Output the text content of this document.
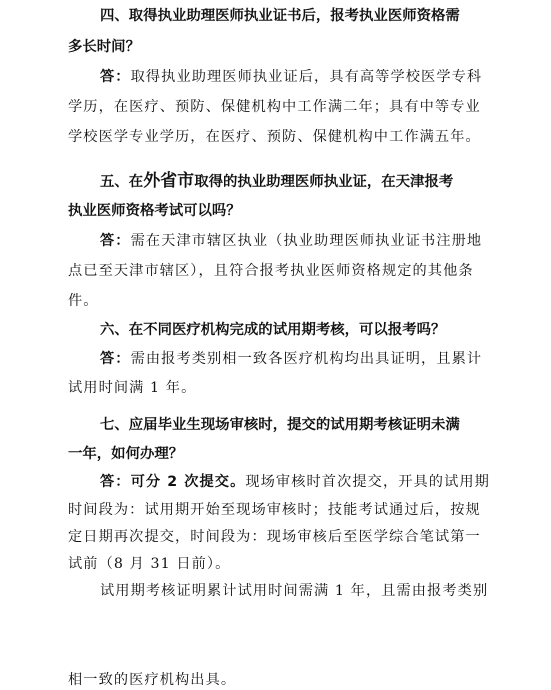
四、取得执业助理医师执业证书后，报考执业医师资格需
多长时间？
答：取得执业助理医师执业证后，具有高等学校医学专科
学历，在医疗、预防、保健机构中工作满二年；具有中等专业
学校医学专业学历，在医疗、预防、保健机构中工作满五年。
五、在外省市取得的执业助理医师执业证，在天津报考
执业医师资格考试可以吗？
答：需在天津市辖区执业（执业助理医师执业证书注册地
点已至天津市辖区），且符合报考执业医师资格规定的其他条
件。
六、在不同医疗机构完成的试用期考核，可以报考吗？
答：需由报考类别相一致各医疗机构均出具证明，且累计
试用时间满 1 年。
七、应届毕业生现场审核时，提交的试用期考核证明未满
一年，如何办理？
答：可分 2 次提交。现场审核时首次提交，开具的试用期
时间段为：试用期开始至现场审核时；技能考试通过后，按规
定日期再次提交，时间段为：现场审核后至医学综合笔试第一
试前（8 月 31 日前）。
试用期考核证明累计试用时间需满 1 年，且需由报考类别
相一致的医疗机构出具。
